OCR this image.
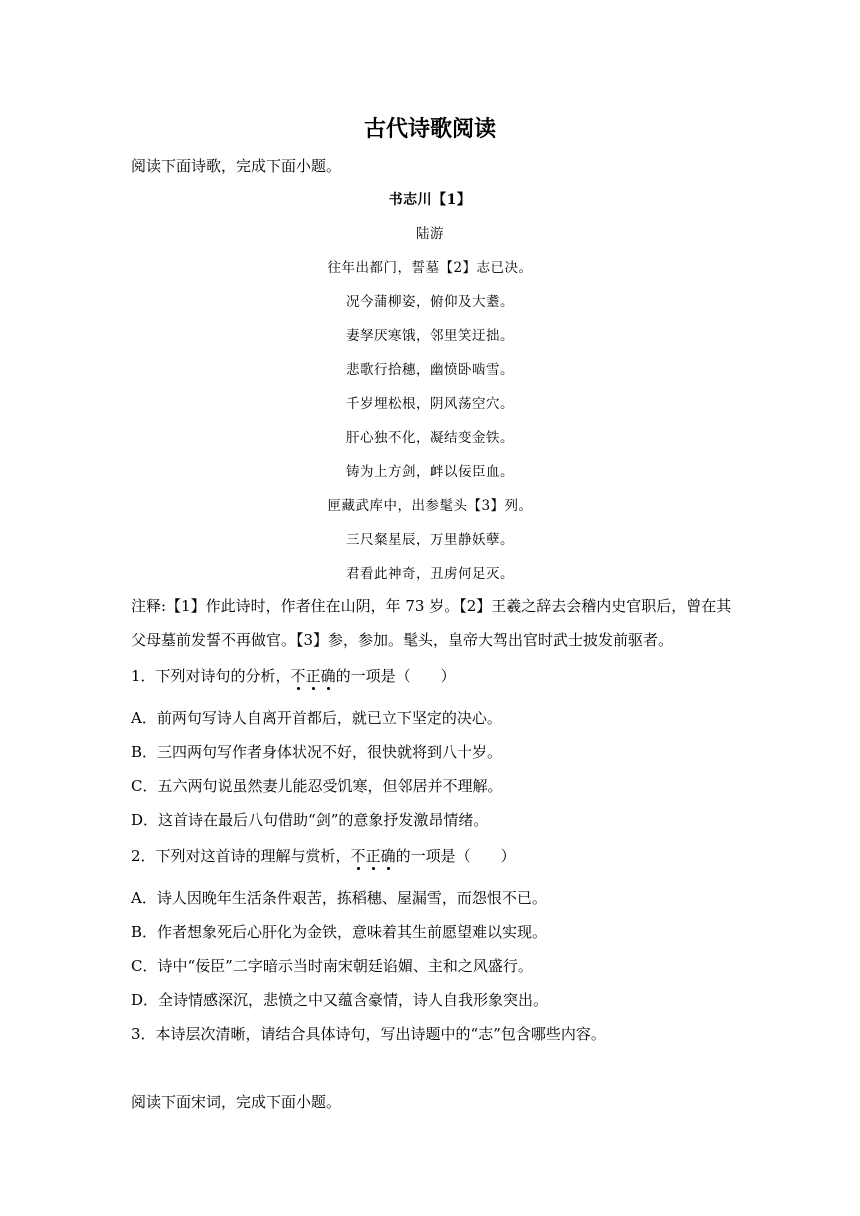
古代诗歌阅读
阅读下面诗歌，完成下面小题。
书志川【1】
陆游
往年出都门，誓墓【2】志已决。
况今蒲柳姿，俯仰及大耋。
妻孥厌寒饿，邻里笑迂拙。
悲歌行拾穗，幽愤卧啮雪。
千岁埋松根，阴风荡空穴。
肝心独不化，凝结变金铁。
铸为上方剑，衅以佞臣血。
匣藏武库中，出参髦头【3】列。
三尺粲星辰，万里静妖孽。
君看此神奇，丑虏何足灭。
注释:【1】作此诗时，作者住在山阴，年 73 岁。【2】王羲之辞去会稽内史官职后，曾在其
父母墓前发誓不再做官。【3】参，参加。髦头，皇帝大驾出官时武士披发前驱者。
1．下列对诗句的分析，不正确的一项是（　　）
A．前两句写诗人自离开首都后，就已立下坚定的决心。
B．三四两句写作者身体状况不好，很快就将到八十岁。
C．五六两句说虽然妻儿能忍受饥寒，但邻居并不理解。
D．这首诗在最后八句借助“剑”的意象抒发激昂情绪。
2．下列对这首诗的理解与赏析，不正确的一项是（　　）
A．诗人因晚年生活条件艰苦，拣稻穗、屋漏雪，而怨恨不已。
B．作者想象死后心肝化为金铁，意味着其生前愿望难以实现。
C．诗中“佞臣”二字暗示当时南宋朝廷谄媚、主和之风盛行。
D．全诗情感深沉，悲愤之中又蕴含豪情，诗人自我形象突出。
3．本诗层次清晰，请结合具体诗句，写出诗题中的“志”包含哪些内容。
阅读下面宋词，完成下面小题。
